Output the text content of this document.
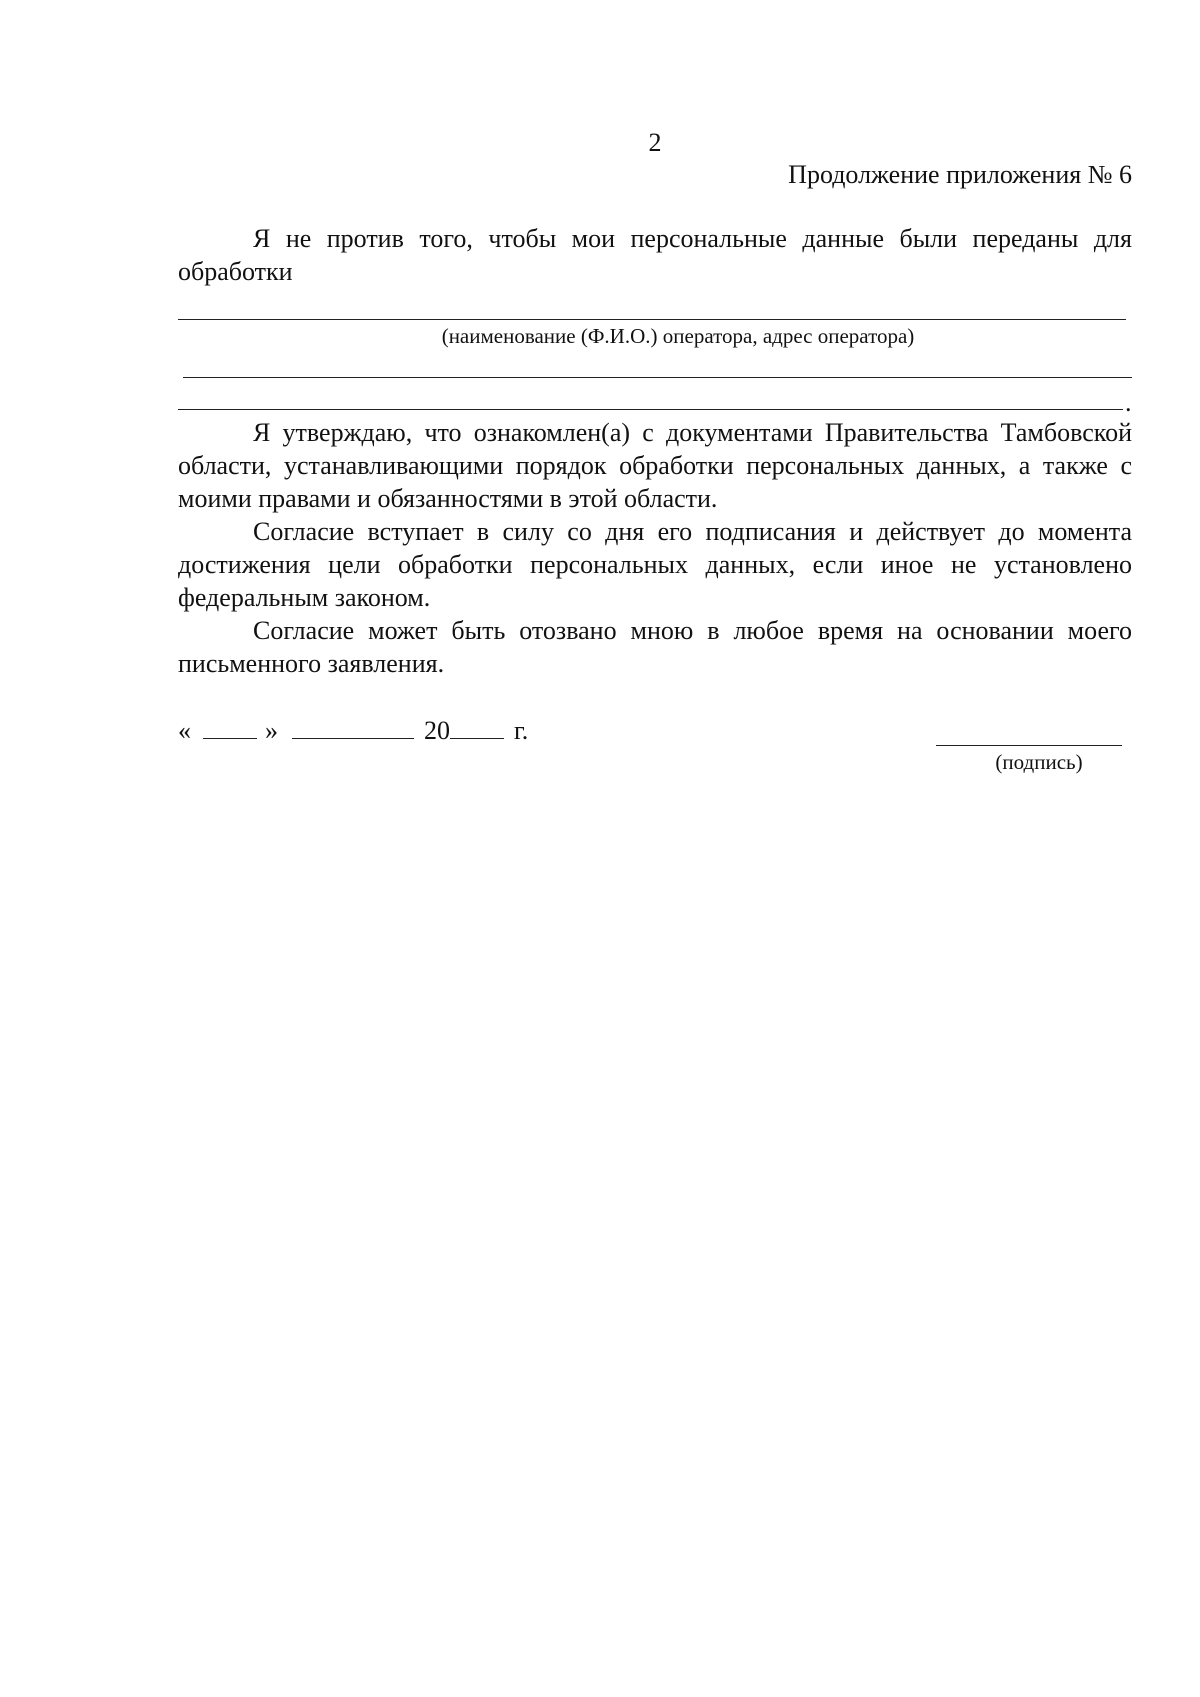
2
Продолжение приложения № 6

Я не против того, чтобы мои персональные данные были переданы для обработки

(наименование (Ф.И.О.) оператора, адрес оператора)
.

Я утверждаю, что ознакомлен(а) с документами Правительства Тамбовской области, устанавливающими порядок обработки персональных данных, а также с моими правами и обязанностями в этой области.

Согласие вступает в силу со дня его подписания и действует до момента достижения цели обработки персональных данных, если иное не установлено федеральным законом.

Согласие может быть отозвано мною в любое время на основании моего письменного заявления.

«	»	20 г.
(подпись)
